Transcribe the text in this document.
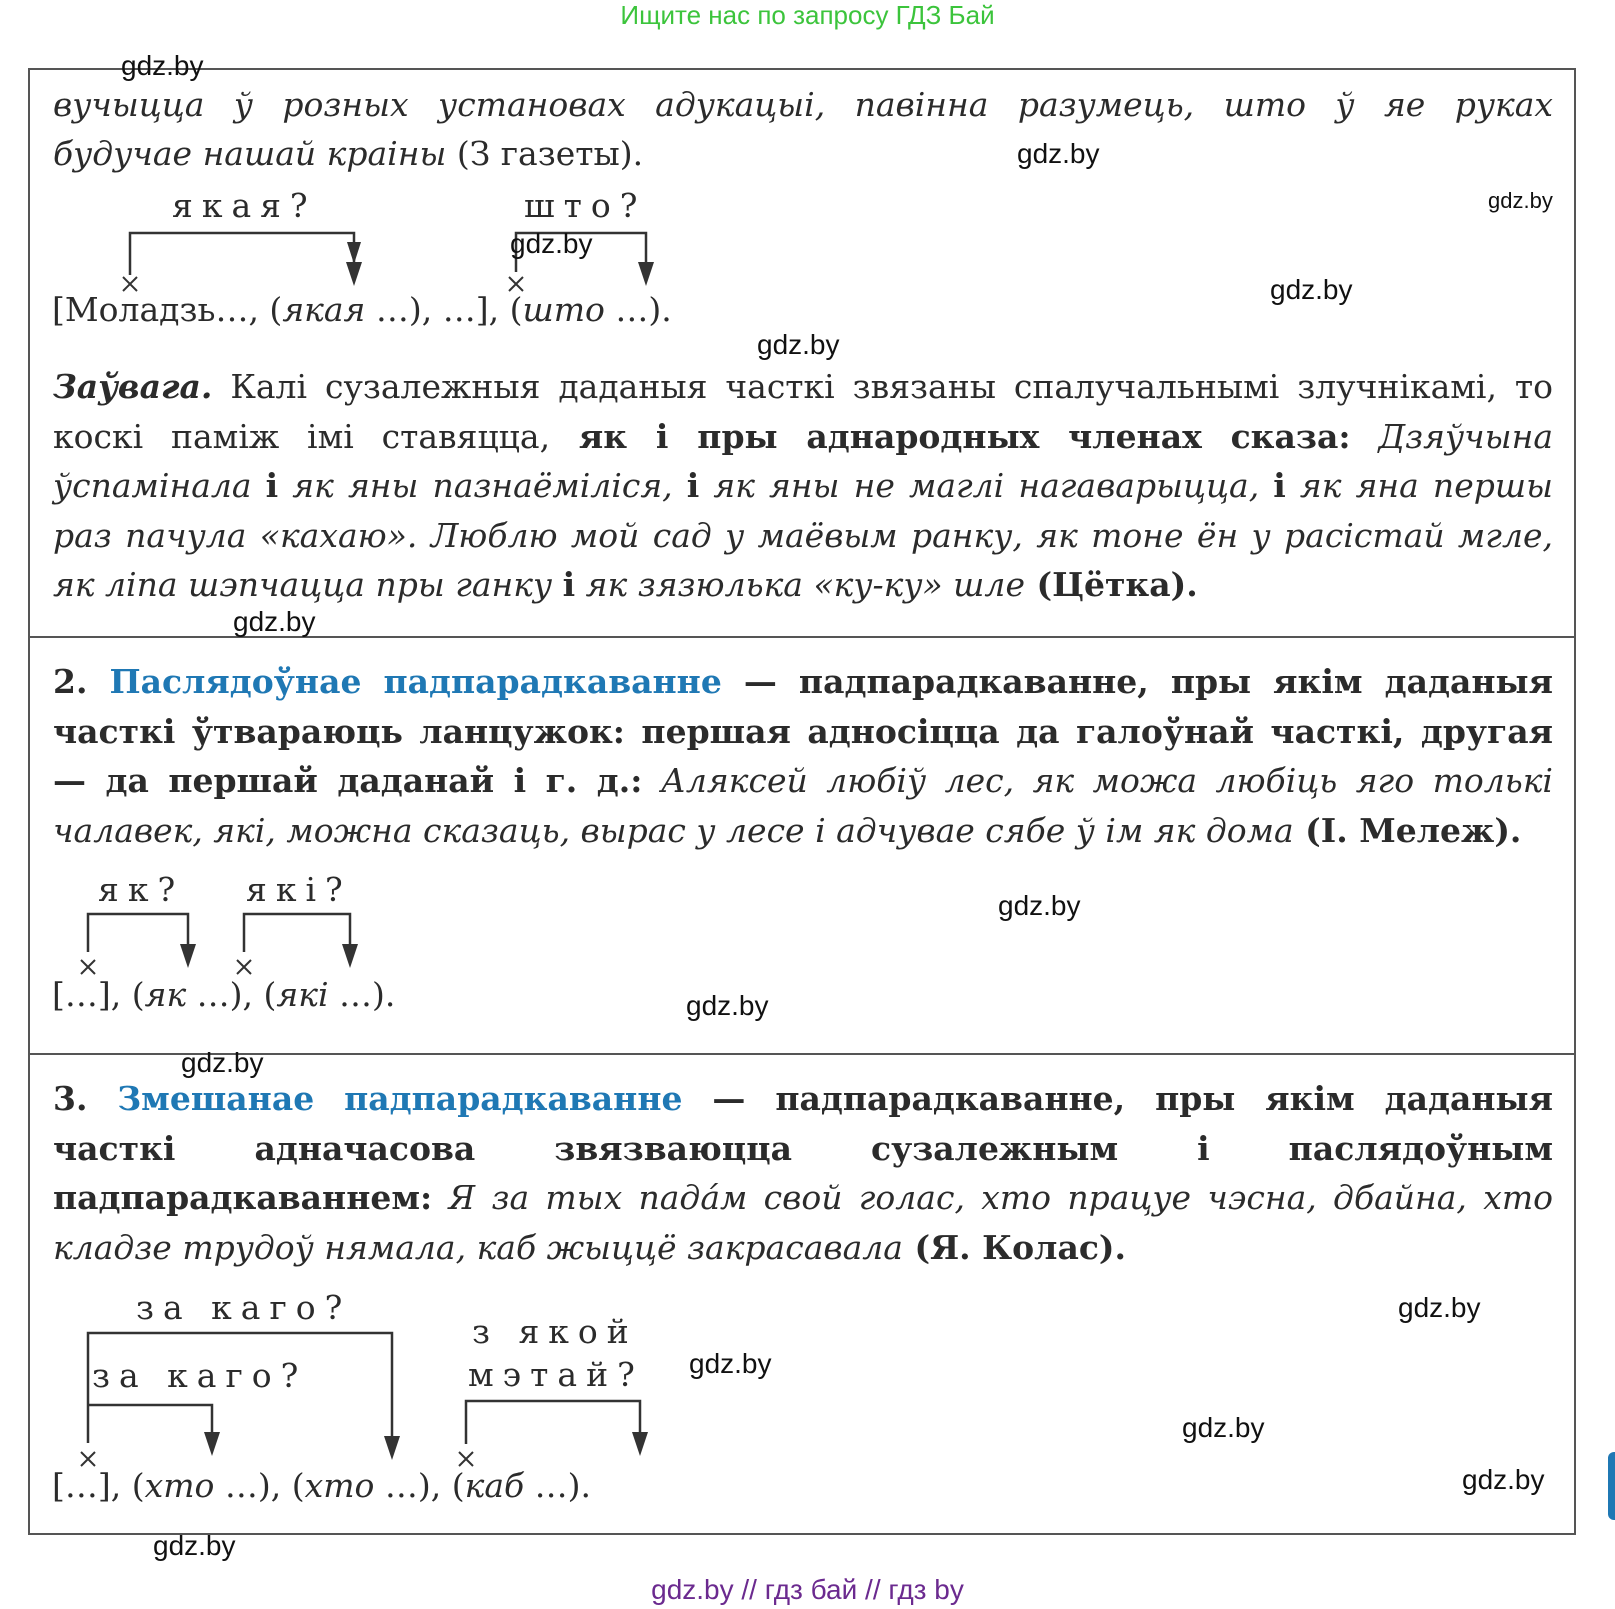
Ищите нас по запросу ГДЗ Бай

вучыцца ў розных установах адукацыі, павінна разумець, што ў яе руках

будучае нашай краіны (З газеты).

якая?	што?
[Моладзь…, (якая …), …], (што …).

Заўвага. Калі сузалежныя даданыя часткі звязаны спалучальнымі злучнікамі, то коскі паміж імі ставяцца, як і пры аднародных членах сказа: Дзяўчына ўспамінала і як яны пазнаёміліся, і як яны не маглі нагаварыцца, і як яна першы раз пачула «кахаю». Люблю мой сад у маёвым ранку, як тоне ён у расістай мгле, як ліпа шэпчацца пры ганку і як зязюлька «ку-ку» шле (Цётка).

2. Паслядоўнае падпарадкаванне — падпарадкаванне, пры якім даданыя часткі ўтвараюць ланцужок: першая адносіцца да галоўнай часткі, другая — да першай даданай і г. д.: Аляксей любіў лес, як можа любіць яго толькі чалавек, які, можна сказаць, вырас у лесе і адчувае сябе ў ім як дома (І. Мележ).

як? які?
[…], (як …), (які …).

3. Змешанае падпарадкаванне — падпарадкаванне, пры якім даданыя часткі адначасова звязваюцца сузалежным і паслядоўным падпарадкаваннем: Я за тых падам свой голас, хто працуе чэсна, дбайна, хто кладзе трудоў нямала, каб жыццё закрасавала (Я. Колас).

за каго?
за каго?
з якой
мэтай?
[…], (хто …), (хто …), (каб …).
gdz.by
gdz.by
gdz.by
gdz.by
gdz.by
gdz.by
gdz.by
gdz.by
gdz.by
gdz.by
gdz.by
gdz.by
gdz.by
gdz.by
gdz.by
gdz.by // гдз бай // гдз by
